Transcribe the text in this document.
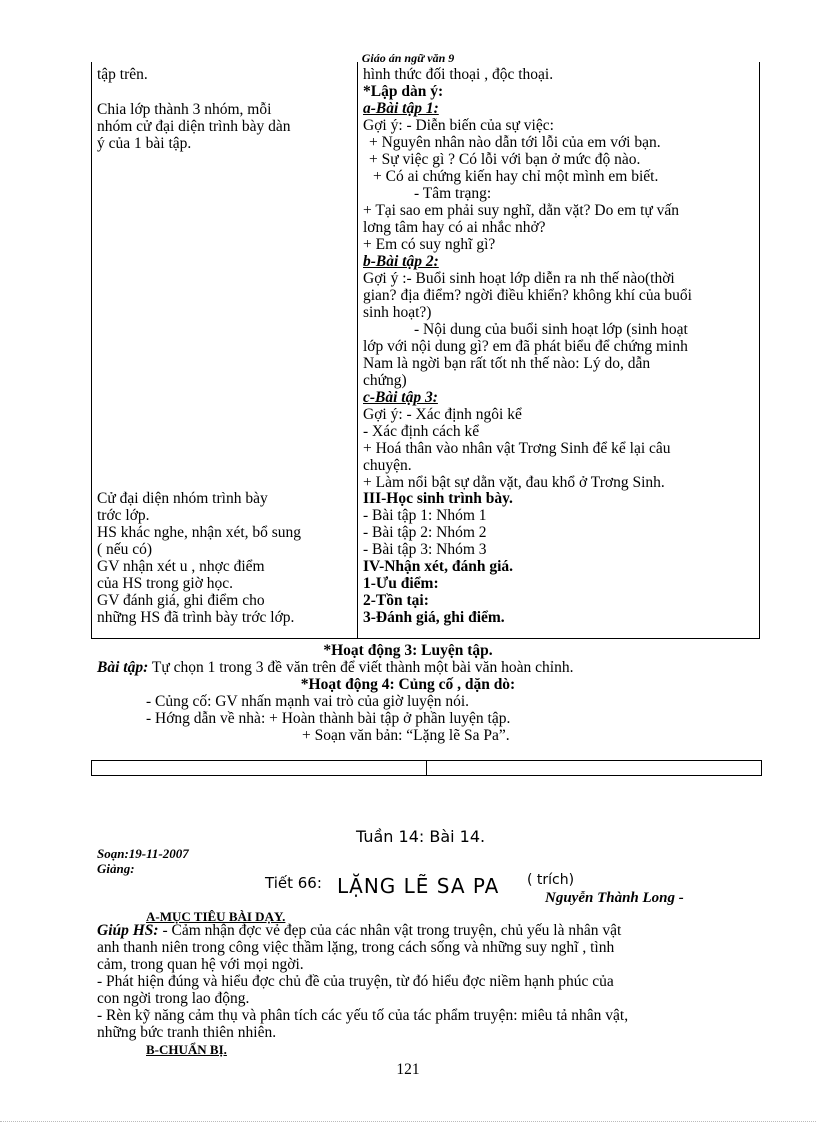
Giáo án ngữ văn 9
tập trên.
Chia lớp thành 3 nhóm, mỗi
nhóm cử đại diện trình bày dàn
ý của 1 bài tập.
Cử đại diện nhóm trình bày
trớc lớp.
HS khác nghe, nhận xét, bổ sung
( nếu có)
GV nhận xét u , nhợc điểm
của HS trong giờ học.
GV đánh giá, ghi điểm cho
những HS đã trình bày trớc lớp.
hình thức đối thoại , độc thoại.
*Lập dàn ý:
a-Bài tập 1:
Gợi ý: - Diễn biến của sự việc:
+ Nguyên nhân nào dẫn tới lỗi của em với bạn.
+ Sự việc gì ? Có lỗi với bạn ở mức độ nào.
+ Có ai chứng kiến hay chỉ một mình em biết.
- Tâm trạng:
+ Tại sao em phải suy nghĩ, dằn vặt? Do em tự vấn
lơng tâm hay có ai nhắc nhở?
+ Em có suy nghĩ gì?
b-Bài tập 2:
Gợi ý :- Buổi sinh hoạt lớp diễn ra nh thế nào(thời
gian? địa điểm? ngời điều khiển? không khí của buổi
sinh hoạt?)
- Nội dung của buổi sinh hoạt lớp (sinh hoạt
lớp với nội dung gì? em đã phát biểu để chứng minh
Nam là ngời bạn rất tốt nh thế nào: Lý do, dẫn
chứng)
c-Bài tập 3:
Gợi ý: - Xác định ngôi kể
- Xác định cách kể
+ Hoá thân vào nhân vật Trơng Sinh để kể lại câu
chuyện.
+ Làm nổi bật sự dằn vặt, đau khổ ở Trơng Sinh.
III-Học sinh trình bày.
- Bài tập 1: Nhóm 1
- Bài tập 2: Nhóm 2
- Bài tập 3: Nhóm 3
IV-Nhận xét, đánh giá.
1-Ưu điểm:
2-Tồn tại:
3-Đánh giá, ghi điểm.
*Hoạt động 3: Luyện tập.
Bài tập: Tự chọn 1 trong 3 đề văn trên để viết thành một bài văn hoàn chỉnh.
*Hoạt động 4: Củng cố , dặn dò:
- Củng cố: GV nhấn mạnh vai trò của giờ luyện nói.
- Hớng dẫn về nhà: + Hoàn thành bài tập ở phần luyện tập.
+ Soạn văn bản: “Lặng lẽ Sa Pa”.
Tuần 14: Bài 14.
Soạn:19-11-2007
Giảng:
Tiết 66: LẶNG LẼ SA PA ( trích)
Nguyễn Thành Long -
A-MỤC TIÊU BÀI DẠY.
Giúp HS: - Cảm nhận đợc vẻ đẹp của các nhân vật trong truyện, chủ yếu là nhân vật
anh thanh niên trong công việc thầm lặng, trong cách sống và những suy nghĩ , tình
cảm, trong quan hệ với mọi ngời.
- Phát hiện đúng và hiểu đợc chủ đề của truyện, từ đó hiểu đợc niềm hạnh phúc của
con ngời trong lao động.
- Rèn kỹ năng cảm thụ và phân tích các yếu tố của tác phẩm truyện: miêu tả nhân vật,
những bức tranh thiên nhiên.
B-CHUẨN BỊ.
121
